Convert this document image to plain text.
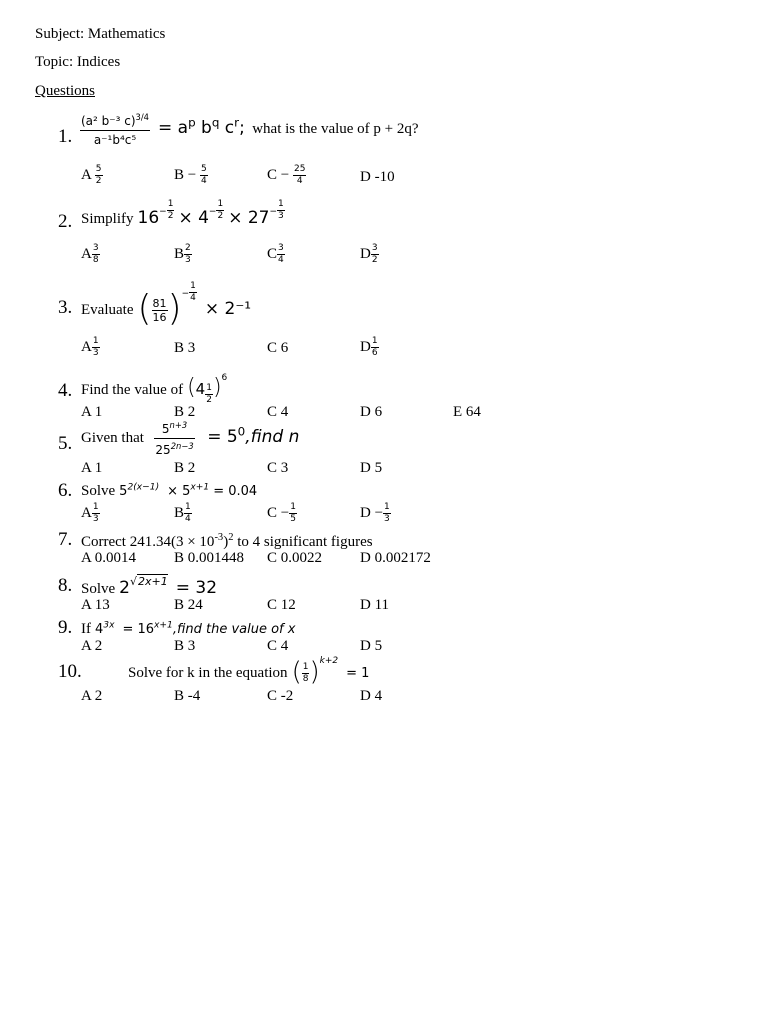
Subject: Mathematics
Topic: Indices
Questions
1. $\frac{(a^2 b^{-3} c)^{3/4}}{\text{a⁻¹b⁴c⁵}} = a^p$ $b^q$ $c^r$; what is the value of p + 2q?
A $\frac{5}{2}$	$B - \frac{5}{4}$	$C - \frac{25}{4}$	D -10
2. Simplify $16- \frac{1}{2} \times 4- \frac{1}{2} \times 27- \frac{1}{3}$
A $\frac{3}{8}$	B $\frac{2}{3}$	C $\frac{3}{4}$	D $\frac{3}{2}$
3. Evaluate ( $\frac{81}{16}$ )− $\frac{1}{4}$
× 2⁻¹
A $\frac{1}{3}$	B 3	C 6	D $\frac{1}{6}$
4. Find the value of $(4 \frac{1}{2} )^6$
A 1	B 2	C 4	D 6	E 64
5. Given that $\frac{5^{n+3}}{25^{2n-3}}$ = $5^0,find$ n
A 1	B 2	C 3	D 5
6. Solve $5^{2(x-1)} \times 5^{x+1} = 0.04$
A $\frac{1}{3}$	B $\frac{1}{4}$	$C - \frac{1}{5}$	$D - \frac{1}{3}$
7. Correct $241.34(3 \times 10^{-3})^2$ to 4 significant figures
A 0.0014	B 0.001448 C 0.0022	D 0.002172
8. Solve 2√2x+1 = 32
A 13	B 24	C 12	D 11
9. If $4^{3x}$ = $16^{x+1},find$ the value of x
A 2	B 3	C 4	D 5
10.	Solve for k in the equation ( $\frac{1}{8} )^{k+2} = 1$
A 2	B -4	C -2	D 4
